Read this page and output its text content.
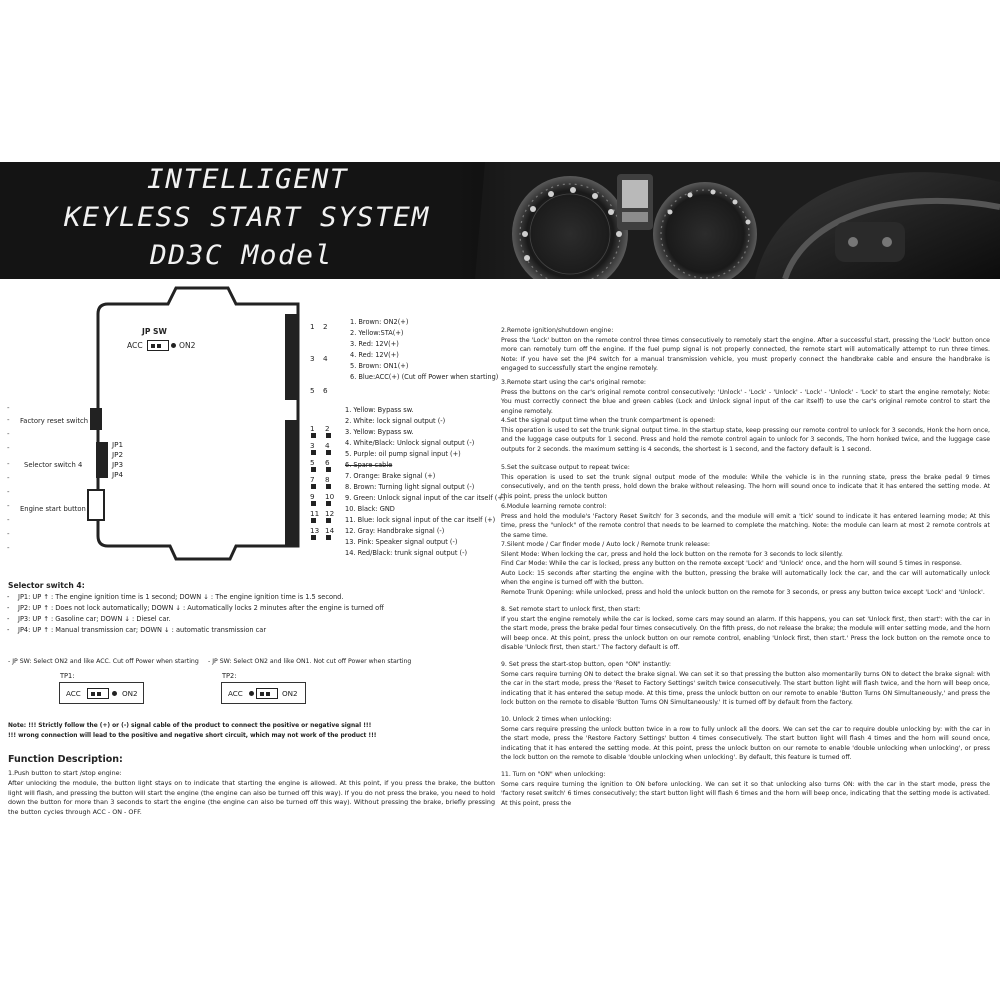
INTELLIGENT
KEYLESS START SYSTEM
DD3C Model
JP SW
ACC	ON2
JP1
JP2
JP3
JP4
Factory reset switch
Selector switch 4
Engine start button
-
-
-
-
-
-
-
-
-
-
-
1 2
3 4
5 6
1. Brown: ON2(+)
2. Yellow:STA(+)
3. Red: 12V(+)
4. Red: 12V(+)
5. Brown: ON1(+)
6. Blue:ACC(+) (Cut off Power when starting)
1 2
3 4
5 6
7 8
9 10
11 12
13 14
1. Yellow: Bypass sw.
2. White: lock signal output (-)
3. Yellow: Bypass sw.
4. White/Black: Unlock signal output (-)
5. Purple: oil pump signal input (+)
6. Spare cable
7. Orange: Brake signal (+)
8. Brown: Turning light signal output (-)
9. Green: Unlock signal input of the car itself (+)
10. Black: GND
11. Blue: lock signal input of the car itself (+)
12. Gray: Handbrake signal (-)
13. Pink: Speaker signal output (-)
14. Red/Black: trunk signal output (-)
Selector switch 4:
JP1: UP ↑ : The engine ignition time is 1 second; DOWN ↓ : The engine ignition time is 1.5 second.
JP2: UP ↑ : Does not lock automatically; DOWN ↓ : Automatically locks 2 minutes after the engine is turned off
JP3: UP ↑ : Gasoline car; DOWN ↓ : Diesel car.
JP4: UP ↑ : Manual transmission car; DOWN ↓ : automatic transmission car
-
-
-
-
- JP SW: Select ON2 and like ACC. Cut off Power when starting - JP SW: Select ON2 and like ON1. Not cut off Power when starting
TP1:	TP2:
ACC	ON2	ACC	ON2
Note: !!! Strictly follow the (+) or (-) signal cable of the product to connect the positive or negative signal !!!
!!! wrong connection will lead to the positive and negative short circuit, which may not work of the product !!!
Function Description:
1.Push button to start /stop engine:
After unlocking the module, the button light stays on to indicate that starting the engine is allowed. At this point, if you press the brake, the button light will flash, and pressing the button will start the engine (the engine can also be turned off this way). If you do not press the brake, you need to hold down the button for more than 3 seconds to start the engine (the engine can also be turned off this way). Without pressing the brake, briefly pressing the button cycles through ACC - ON - OFF.
2.Remote ignition/shutdown engine:
Press the 'Lock' button on the remote control three times consecutively to remotely start the engine. After a successful start, pressing the 'Lock' button once more can remotely turn off the engine. If the fuel pump signal is not properly connected, the remote start will automatically attempt to run three times. Note: If you have set the JP4 switch for a manual transmission vehicle, you must properly connect the handbrake cable and ensure the handbrake is engaged to successfully start the engine remotely.
3.Remote start using the car's original remote:
Press the buttons on the car's original remote control consecutively: 'Unlock' - 'Lock' - 'Unlock' - 'Lock' - 'Unlock' - 'Lock' to start the engine remotely; Note: You must correctly connect the blue and green cables (Lock and Unlock signal input of the car itself) to use the car's original remote control to start the engine remotely.
4.Set the signal output time when the trunk compartment is opened:
This operation is used to set the trunk signal output time. In the startup state, keep pressing our remote control to unlock for 3 seconds, Honk the horn once, and the luggage case outputs for 1 second. Press and hold the remote control again to unlock for 3 seconds, The horn honked twice, and the luggage case outputs for 2 seconds. the maximum setting is 4 seconds, the shortest is 1 second, and the factory default is 1 second.
5.Set the suitcase output to repeat twice:
This operation is used to set the trunk signal output mode of the module: While the vehicle is in the running state, press the brake pedal 9 times consecutively, and on the tenth press, hold down the brake without releasing. The horn will sound once to indicate that it has entered the setting mode. At this point, press the unlock button
6.Module learning remote control:
Press and hold the module's 'Factory Reset Switch' for 3 seconds, and the module will emit a 'tick' sound to indicate it has entered learning mode; At this time, press the "unlock" of the remote control that needs to be learned to complete the matching. Note: the module can learn at most 2 remote controls at the same time.
7.Silent mode / Car finder mode / Auto lock / Remote trunk release:
Silent Mode: When locking the car, press and hold the lock button on the remote for 3 seconds to lock silently.
Find Car Mode: While the car is locked, press any button on the remote except 'Lock' and 'Unlock' once, and the horn will sound 5 times in response.
Auto Lock: 15 seconds after starting the engine with the button, pressing the brake will automatically lock the car, and the car will automatically unlock when the engine is turned off with the button.
Remote Trunk Opening: while unlocked, press and hold the unlock button on the remote for 3 seconds, or press any button twice except 'Lock' and 'Unlock'.
8. Set remote start to unlock first, then start:
If you start the engine remotely while the car is locked, some cars may sound an alarm. If this happens, you can set 'Unlock first, then start': with the car in the start mode, press the brake pedal four times consecutively. On the fifth press, do not release the brake; the module will enter setting mode, and the horn will beep once. At this point, press the unlock button on our remote control, enabling 'Unlock first, then start.' Press the lock button on the remote once to disable 'Unlock first, then start.' The factory default is off.
9. Set press the start-stop button, open "ON" instantly:
Some cars require turning ON to detect the brake signal. We can set it so that pressing the button also momentarily turns ON to detect the brake signal: with the car in the start mode, press the 'Reset to Factory Settings' switch twice consecutively. The start button light will flash twice, and the horn will beep once, indicating that it has entered the setup mode. At this time, press the unlock button on our remote to enable 'Button Turns ON Simultaneously,' and press the lock button on the remote to disable 'Button Turns ON Simultaneously.' It is turned off by default from the factory.
10. Unlock 2 times when unlocking:
Some cars require pressing the unlock button twice in a row to fully unlock all the doors. We can set the car to require double unlocking by: with the car in the start mode, press the 'Restore Factory Settings' button 4 times consecutively. The start button light will flash 4 times and the horn will sound once, indicating that it has entered the setting mode. At this point, press the unlock button on our remote to enable 'double unlocking when unlocking', or press the lock button on the remote to disable 'double unlocking when unlocking'. By default, this feature is turned off.
11. Turn on "ON" when unlocking:
Some cars require turning the ignition to ON before unlocking. We can set it so that unlocking also turns ON: with the car in the start mode, press the 'factory reset switch' 6 times consecutively; the start button light will flash 6 times and the horn will beep once, indicating that the setting mode is activated. At this point, press the
